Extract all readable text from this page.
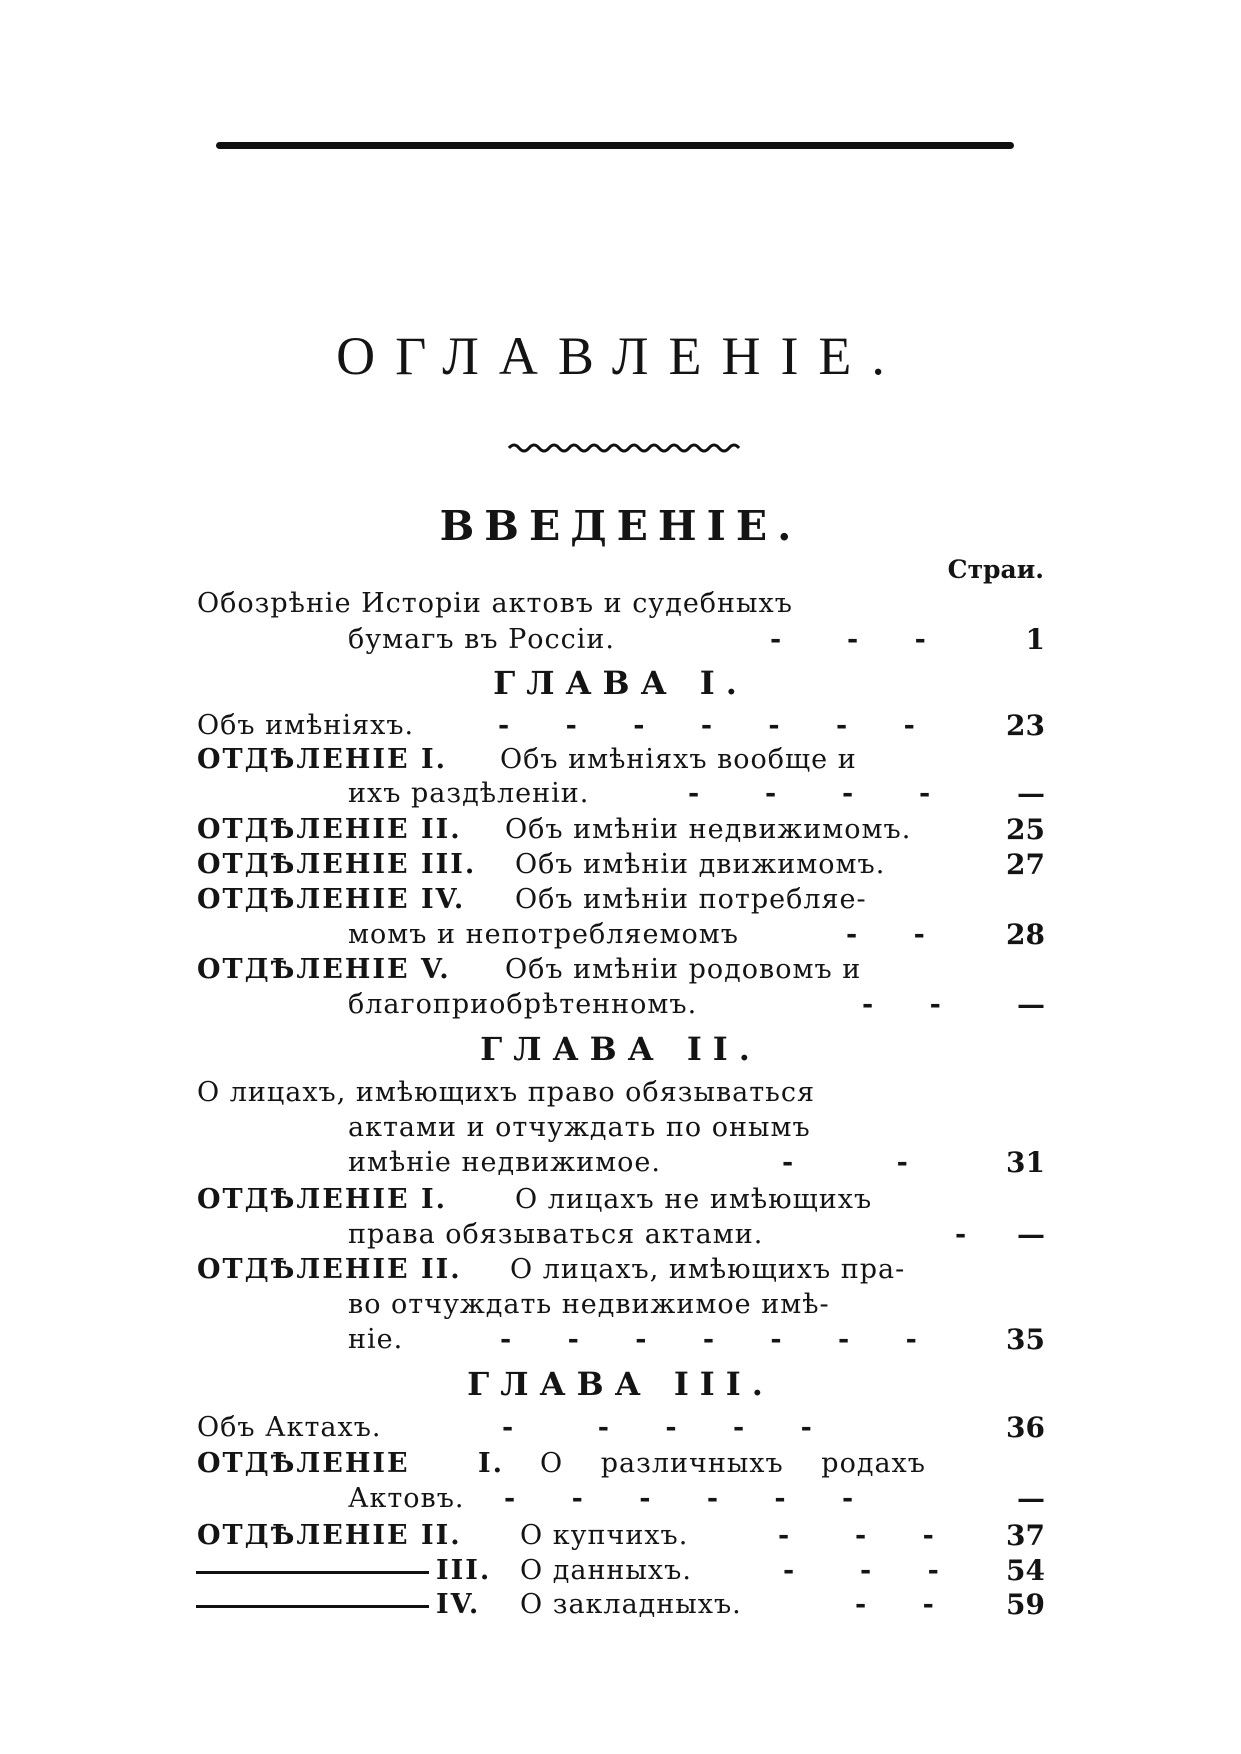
ОГЛАВЛЕНІЕ.
ВВЕДЕНІЕ.
Страи.
Обозрѣніе Исторіи актовъ и судебныхъ
бумагъ въ Россіи.	-       -      -	1
ГЛАВА I.
Объ имѣніяхъ.	-      -      -      -      -      -      -	23
ОТДѢЛЕНІЕ I. Объ имѣніяхъ вообще и
ихъ раздѣленіи.	-       -       -       -	—
ОТДѢЛЕНІЕ II. Объ имѣніи недвижимомъ.	25
ОТДѢЛЕНІЕ III. Объ имѣніи движимомъ.	27
ОТДѢЛЕНІЕ IV. Объ имѣніи потребляе-
момъ и непотребляемомъ	-      -	28
ОТДѢЛЕНІЕ V. Объ имѣніи родовомъ и
благоприобрѣтенномъ.	-      -	—
ГЛАВА II.
О лицахъ, имѣющихъ право обязываться
актами и отчуждать по онымъ
имѣніе недвижимое.	-           -	31
ОТДѢЛЕНІЕ I.	О лицахъ не имѣющихъ
права обязываться актами.	-	—
ОТДѢЛЕНІЕ II. О лицахъ, имѣющихъ пра-
во отчуждать недвижимое имѣ-
ніе.	-      -      -      -      -      -      -	35
ГЛАВА III.
Объ Актахъ.	-         -      -      -      -	36
ОТДѢЛЕНІЕ	I. О различныхъ родахъ
Актовъ. -      -      -      -      -      -	—
ОТДѢЛЕНІЕ II. О купчихъ.	-       -      -	37
III. О данныхъ.	-       -      -	54
IV. О закладныхъ.	-      -	59
